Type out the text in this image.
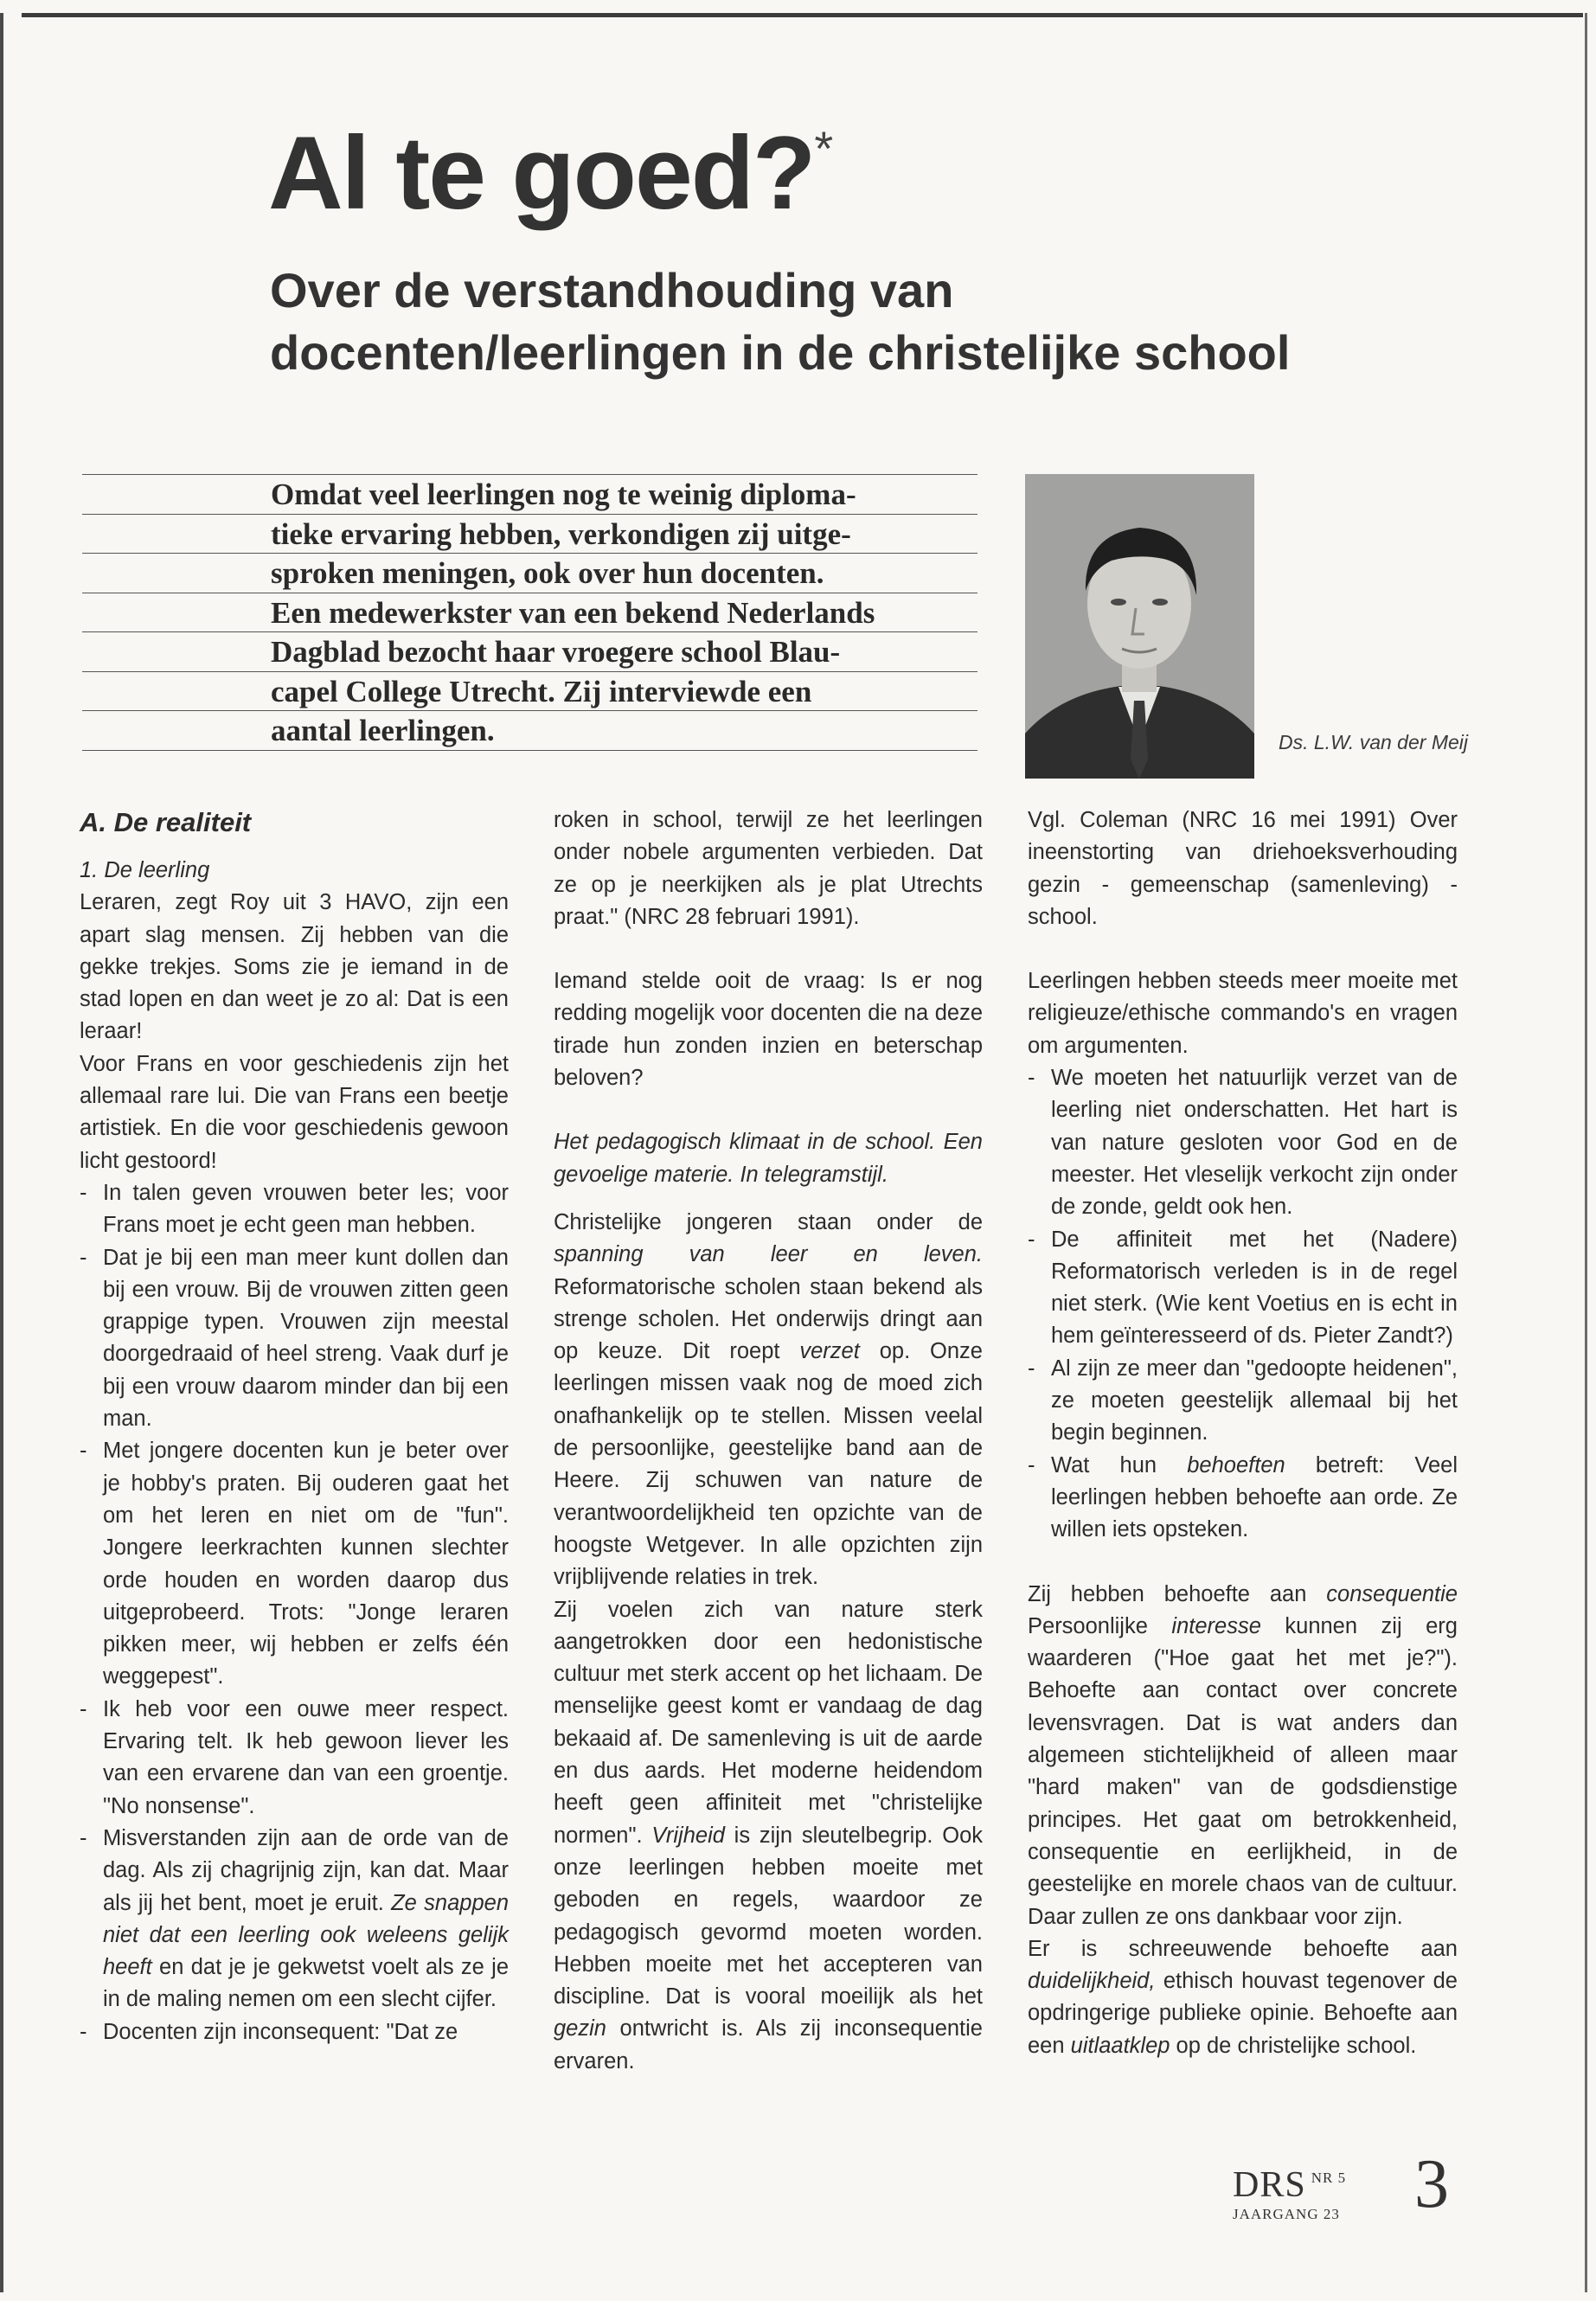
Al te goed?*
Over de verstandhouding van
docenten/leerlingen in de christelijke school
Omdat veel leerlingen nog te weinig diploma-
tieke ervaring hebben, verkondigen zij uitge-
sproken meningen, ook over hun docenten.
Een medewerkster van een bekend Nederlands
Dagblad bezocht haar vroegere school Blau-
capel College Utrecht. Zij interviewde een
aantal leerlingen.	Ds. L.W. van der Meij
A. De realiteit

1. De leerling

Leraren, zegt Roy uit 3 HAVO, zijn een apart slag mensen. Zij hebben van die gekke trekjes. Soms zie je iemand in de stad lopen en dan weet je zo al: Dat is een leraar!

Voor Frans en voor geschiedenis zijn het allemaal rare lui. Die van Frans een beetje artistiek. En die voor geschiedenis gewoon licht gestoord!

- In talen geven vrouwen beter les; voor Frans moet je echt geen man hebben.
- Dat je bij een man meer kunt dollen dan bij een vrouw. Bij de vrouwen zitten geen grappige typen. Vrouwen zijn meestal doorgedraaid of heel streng. Vaak durf je bij een vrouw daarom minder dan bij een man.
- Met jongere docenten kun je beter over je hobby's praten. Bij ouderen gaat het om het leren en niet om de "fun". Jongere leerkrachten kunnen slechter orde houden en worden daarop dus uitgeprobeerd. Trots: "Jonge leraren pikken meer, wij hebben er zelfs één weggepest".
- Ik heb voor een ouwe meer respect. Ervaring telt. Ik heb gewoon liever les van een ervarene dan van een groentje. "No nonsense".
- Misverstanden zijn aan de orde van de dag. Als zij chagrijnig zijn, kan dat. Maar als jij het bent, moet je eruit. Ze snappen niet dat een leerling ook weleens gelijk heeft en dat je je gekwetst voelt als ze je in de maling nemen om een slecht cijfer.
- Docenten zijn inconsequent: "Dat ze

roken in school, terwijl ze het leerlingen onder nobele argumenten verbieden. Dat ze op je neerkijken als je plat Utrechts praat." (NRC 28 februari 1991).

Iemand stelde ooit de vraag: Is er nog redding mogelijk voor docenten die na deze tirade hun zonden inzien en beterschap beloven?

Het pedagogisch klimaat in de school. Een gevoelige materie. In telegramstijl.

Christelijke jongeren staan onder de spanning van leer en leven. Reformatorische scholen staan bekend als strenge scholen. Het onderwijs dringt aan op keuze. Dit roept verzet op. Onze leerlingen missen vaak nog de moed zich onafhankelijk op te stellen. Missen veelal de persoonlijke, geestelijke band aan de Heere. Zij schuwen van nature de verantwoordelijkheid ten opzichte van de hoogste Wetgever. In alle opzichten zijn vrijblijvende relaties in trek.

Zij voelen zich van nature sterk aangetrokken door een hedonistische cultuur met sterk accent op het lichaam. De menselijke geest komt er vandaag de dag bekaaid af. De samenleving is uit de aarde en dus aards. Het moderne heidendom heeft geen affiniteit met "christelijke normen". Vrijheid is zijn sleutelbegrip. Ook onze leerlingen hebben moeite met geboden en regels, waardoor ze pedagogisch gevormd moeten worden. Hebben moeite met het accepteren van discipline. Dat is vooral moeilijk als het gezin ontwricht is. Als zij inconsequentie ervaren.

Vgl. Coleman (NRC 16 mei 1991) Over ineenstorting van driehoeksverhouding gezin - gemeenschap (samenleving) - school.

Leerlingen hebben steeds meer moeite met religieuze/ethische commando's en vragen om argumenten.

- We moeten het natuurlijk verzet van de leerling niet onderschatten. Het hart is van nature gesloten voor God en de meester. Het vleselijk verkocht zijn onder de zonde, geldt ook hen.
- De affiniteit met het (Nadere) Reformatorisch verleden is in de regel niet sterk. (Wie kent Voetius en is echt in hem geïnteresseerd of ds. Pieter Zandt?)
- Al zijn ze meer dan "gedoopte heidenen", ze moeten geestelijk allemaal bij het begin beginnen.
- Wat hun behoeften betreft: Veel leerlingen hebben behoefte aan orde. Ze willen iets opsteken.

Zij hebben behoefte aan consequentie Persoonlijke interesse kunnen zij erg waarderen ("Hoe gaat het met je?"). Behoefte aan contact over concrete levensvragen. Dat is wat anders dan algemeen stichtelijkheid of alleen maar "hard maken" van de godsdienstige principes. Het gaat om betrokkenheid, consequentie en eerlijkheid, in de geestelijke en morele chaos van de cultuur. Daar zullen ze ons dankbaar voor zijn.

Er is schreeuwende behoefte aan duidelijkheid, ethisch houvast tegenover de opdringerige publieke opinie. Behoefte aan een uitlaatklep op de christelijke school.

DRS NR 5
JAARGANG 23 3
